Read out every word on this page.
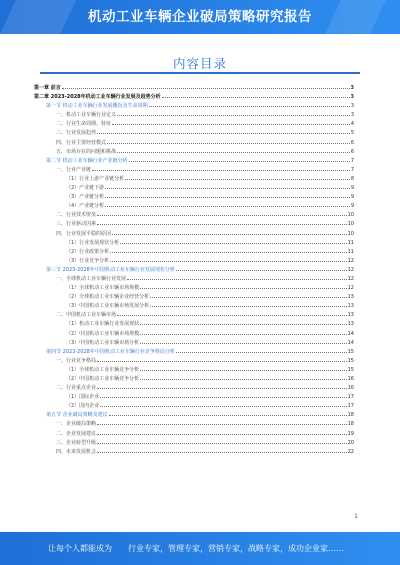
机动工业车辆企业破局策略研究报告
内容目录
第一章 前言	3
第二章 2023-2028年机动工业车辆行业发展及趋势分析	3
第一节 机动工业车辆行业发展概况及生命周期	3
一、机动工业车辆行业定义	3
二、行业生命周期、特征	4
三、行业发展趋势	5
四、行业主要经营模式	6
五、市场存在的问题和挑战	6
第二节 机动工业车辆行业产业链分析	7
一、行业产业链	7
（1）行业上游产业链分析	8
（2）产业链下游	9
（3）产业链分析	9
（4）产业链分析	9
二、行业技术壁垒	10
三、行业驱动因素	10
四、行业发展平稳的原因	10
（1）行业发展现状分析	11
（2）行业政策分析	11
（3）行业竞争分析	12
第三节 2023-2028年中国机动工业车辆行业发展现状分析	12
一、全球机动工业车辆行业发展	12
（1）全球机动工业车辆市场规模	12
（2）全球机动工业车辆企业经营分析	13
（3）中国机动工业车辆市场发展分析	13
二、中国机动工业车辆市场	13
（1）机动工业车辆行业发展现状	13
（2）中国机动工业车辆市场规模	14
（3）中国机动工业车辆市场分析	14
第四节 2023-2028年中国机动工业车辆行业竞争格局分析	15
一、行业竞争格局	15
（1）全球机动工业车辆竞争分析	15
（2）中国机动工业车辆竞争分析	16
二、行业重点企业	16
（1）国际企业	17
（2）国内企业	17
第五节 企业破局策略及建议	18
一、企业破局策略	18
二、企业发展建议	19
三、企业转型升级	20
四、未来发展机会	22
1
让每个人都能成为 行业专家，管理专家，营销专家，战略专家，成功企业家……
